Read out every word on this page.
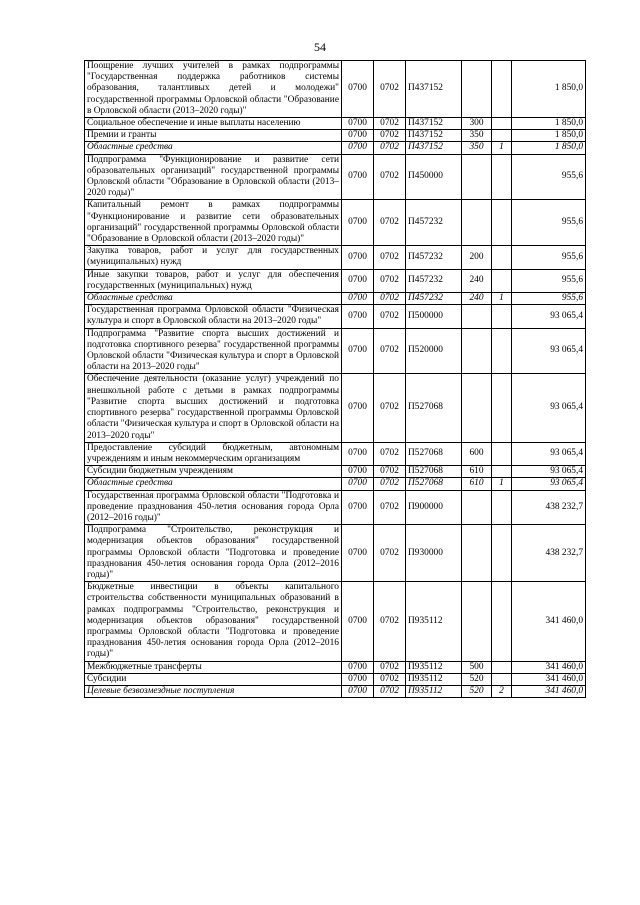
54
Поощрение лучших учителей в рамках подпрограммы "Государственная поддержка работников системы образования, талантливых детей и молодежи" государственной программы Орловской области "Образование в Орловской области (2013–2020 годы)"	0700	0702	П437152			1 850,0
Социальное обеспечение и иные выплаты населению	0700	0702	П437152	300		1 850,0
Премии и гранты	0700	0702	П437152	350		1 850,0
Областные средства	0700	0702	П437152	350	1	1 850,0
Подпрограмма "Функционирование и развитие сети образовательных организаций" государственной программы Орловской области "Образование в Орловской области (2013–2020 годы)"	0700	0702	П450000			955,6
Капитальный ремонт в рамках подпрограммы "Функционирование и развитие сети образовательных организаций" государственной программы Орловской области "Образование в Орловской области (2013–2020 годы)"	0700	0702	П457232			955,6
Закупка товаров, работ и услуг для государственных (муниципальных) нужд	0700	0702	П457232	200		955,6
Иные закупки товаров, работ и услуг для обеспечения государственных (муниципальных) нужд	0700	0702	П457232	240		955,6
Областные средства	0700	0702	П457232	240	1	955,6
Государственная программа Орловской области "Физическая культура и спорт в Орловской области на 2013–2020 годы"	0700	0702	П500000			93 065,4
Подпрограмма "Развитие спорта высших достижений и подготовка спортивного резерва" государственной программы Орловской области "Физическая культура и спорт в Орловской области на 2013–2020 годы"	0700	0702	П520000			93 065,4
Обеспечение деятельности (оказание услуг) учреждений по внешкольной работе с детьми в рамках подпрограммы "Развитие спорта высших достижений и подготовка спортивного резерва" государственной программы Орловской области "Физическая культура и спорт в Орловской области на 2013–2020 годы"	0700	0702	П527068			93 065,4
Предоставление субсидий бюджетным, автономным учреждениям и иным некоммерческим организациям	0700	0702	П527068	600		93 065,4
Субсидии бюджетным учреждениям	0700	0702	П527068	610		93 065,4
Областные средства	0700	0702	П527068	610	1	93 065,4
Государственная программа Орловской области "Подготовка и проведение празднования 450-летия основания города Орла (2012–2016 годы)"	0700	0702	П900000			438 232,7
Подпрограмма "Строительство, реконструкция и модернизация объектов образования" государственной программы Орловской области "Подготовка и проведение празднования 450-летия основания города Орла (2012–2016 годы)"	0700	0702	П930000			438 232,7
Бюджетные инвестиции в объекты капитального строительства собственности муниципальных образований в рамках подпрограммы "Строительство, реконструкция и модернизация объектов образования" государственной программы Орловской области "Подготовка и проведение празднования 450-летия основания города Орла (2012–2016 годы)"	0700	0702	П935112			341 460,0
Межбюджетные трансферты	0700	0702	П935112	500		341 460,0
Субсидии	0700	0702	П935112	520		341 460,0
Целевые безвозмездные поступления	0700	0702	П935112	520	2	341 460,0
